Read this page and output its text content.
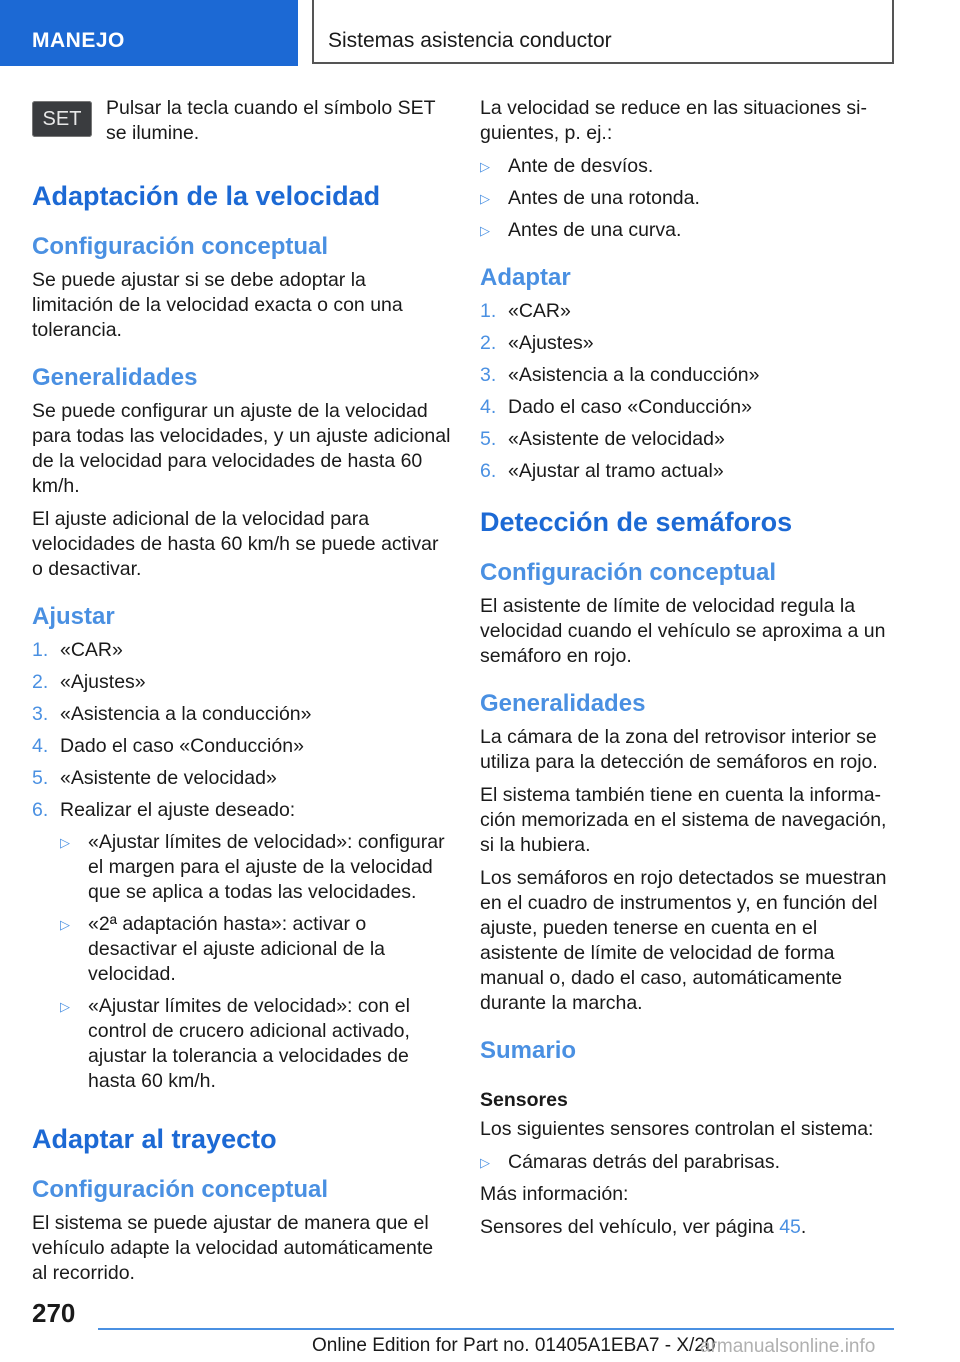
MANEJO	Sistemas asistencia conductor
SET	Pulsar la tecla cuando el símbolo SET se ilumine.

Adaptación de la velocidad
Configuración conceptual

Se puede ajustar si se debe adoptar la limitación de la velocidad exacta o con una tolerancia.

Generalidades

Se puede configurar un ajuste de la velocidad para todas las velocidades, y un ajuste adicional de la velocidad para velocidades de hasta 60 km/h.

El ajuste adicional de la velocidad para velocidades de hasta 60 km/h se puede activar o desactivar.

Ajustar
1. «CAR»
2. «Ajustes»
3. «Asistencia a la conducción»
4. Dado el caso «Conducción»
5. «Asistente de velocidad»
6. Realizar el ajuste deseado:
▷ «Ajustar límites de velocidad»: configurar el margen para el ajuste de la velocidad que se aplica a todas las velocidades.
▷ «2ª adaptación hasta»: activar o desactivar el ajuste adicional de la velocidad.
▷ «Ajustar límites de velocidad»: con el control de crucero adicional activado, ajustar la tolerancia a velocidades de hasta 60 km/h.
Adaptar al trayecto
Configuración conceptual

El sistema se puede ajustar de manera que el vehículo adapte la velocidad automáticamente al recorrido.

La velocidad se reduce en las situaciones siguientes, p. ej.:

▷ Ante de desvíos.
▷ Antes de una rotonda.
▷ Antes de una curva.
Adaptar
1. «CAR»
2. «Ajustes»
3. «Asistencia a la conducción»
4. Dado el caso «Conducción»
5. «Asistente de velocidad»
6. «Ajustar al tramo actual»
Detección de semáforos
Configuración conceptual

El asistente de límite de velocidad regula la velocidad cuando el vehículo se aproxima a un semáforo en rojo.

Generalidades

La cámara de la zona del retrovisor interior se utiliza para la detección de semáforos en rojo.

El sistema también tiene en cuenta la información memorizada en el sistema de navegación, si la hubiera.

Los semáforos en rojo detectados se muestran en el cuadro de instrumentos y, en función del ajuste, pueden tenerse en cuenta en el asistente de límite de velocidad de forma manual o, dado el caso, automáticamente durante la marcha.

Sumario
Sensores

Los siguientes sensores controlan el sistema:

▷ Cámaras detrás del parabrisas.

Más información:

Sensores del vehículo, ver página 45.

270
Online Edition for Part no. 01405A1EBA7 - X/20
armanualsonline.info
